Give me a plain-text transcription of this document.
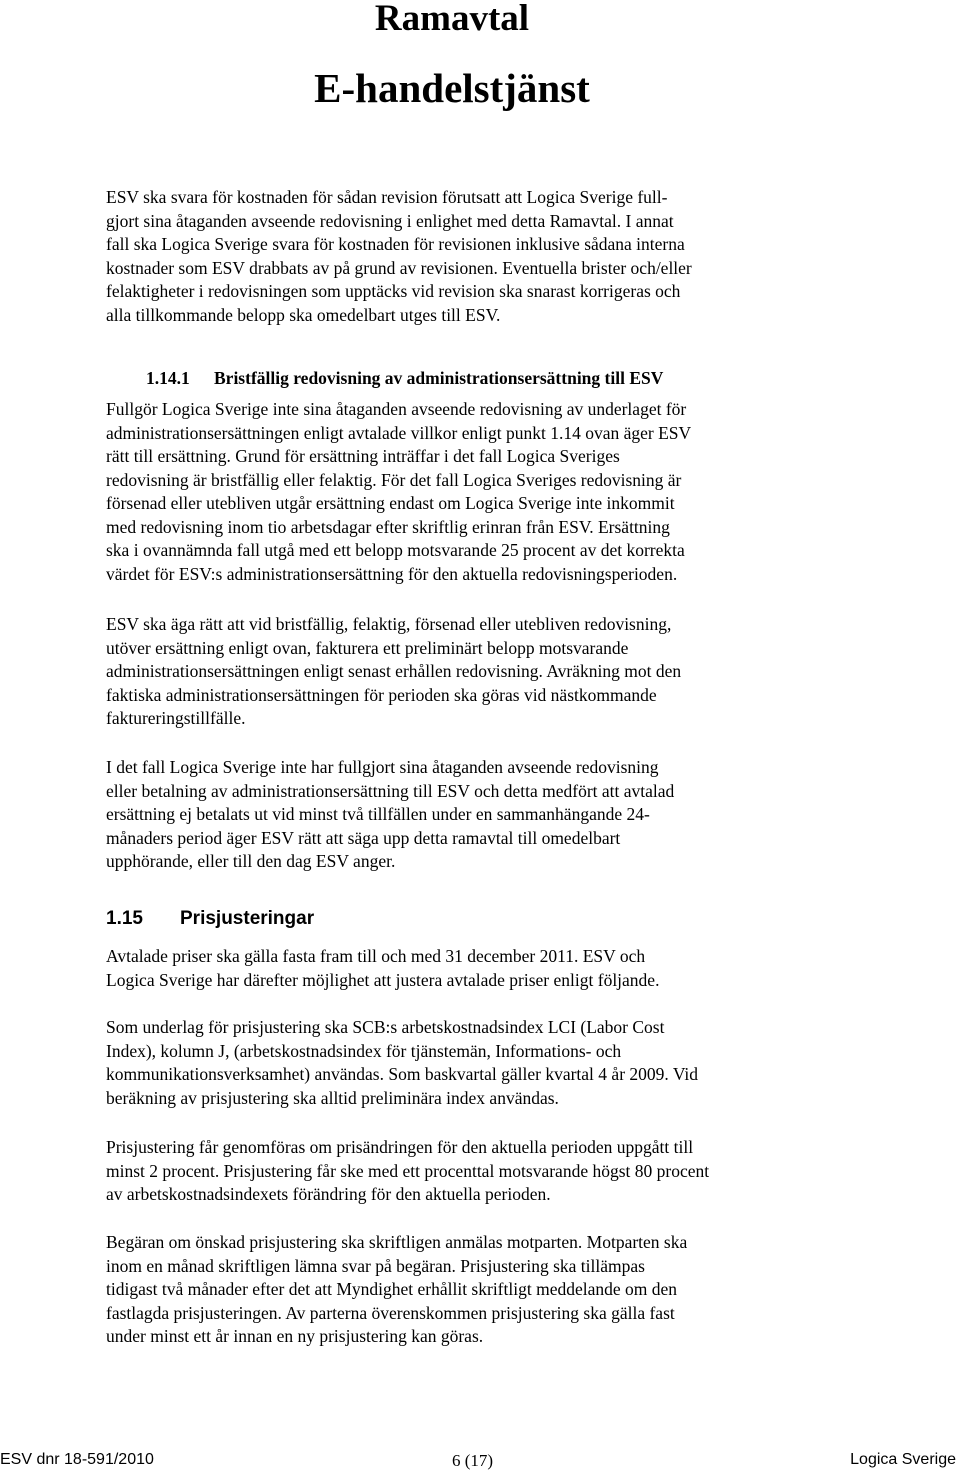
Ramavtal
E-handelstjänst

ESV ska svara för kostnaden för sådan revision förutsatt att Logica Sverige full-
gjort sina åtaganden avseende redovisning i enlighet med detta Ramavtal. I annat
fall ska Logica Sverige svara för kostnaden för revisionen inklusive sådana interna
kostnader som ESV drabbats av på grund av revisionen. Eventuella brister och/eller
felaktigheter i redovisningen som upptäcks vid revision ska snarast korrigeras och
alla tillkommande belopp ska omedelbart utges till ESV.

1.14.1 Bristfällig redovisning av administrationsersättning till ESV

Fullgör Logica Sverige inte sina åtaganden avseende redovisning av underlaget för
administrationsersättningen enligt avtalade villkor enligt punkt 1.14 ovan äger ESV
rätt till ersättning. Grund för ersättning inträffar i det fall Logica Sveriges
redovisning är bristfällig eller felaktig. För det fall Logica Sveriges redovisning är
försenad eller utebliven utgår ersättning endast om Logica Sverige inte inkommit
med redovisning inom tio arbetsdagar efter skriftlig erinran från ESV. Ersättning
ska i ovannämnda fall utgå med ett belopp motsvarande 25 procent av det korrekta
värdet för ESV:s administrationsersättning för den aktuella redovisningsperioden.

ESV ska äga rätt att vid bristfällig, felaktig, försenad eller utebliven redovisning,
utöver ersättning enligt ovan, fakturera ett preliminärt belopp motsvarande
administrationsersättningen enligt senast erhållen redovisning. Avräkning mot den
faktiska administrationsersättningen för perioden ska göras vid nästkommande
faktureringstillfälle.

I det fall Logica Sverige inte har fullgjort sina åtaganden avseende redovisning
eller betalning av administrationsersättning till ESV och detta medfört att avtalad
ersättning ej betalats ut vid minst två tillfällen under en sammanhängande 24-
månaders period äger ESV rätt att säga upp detta ramavtal till omedelbart
upphörande, eller till den dag ESV anger.

1.15 Prisjusteringar

Avtalade priser ska gälla fasta fram till och med 31 december 2011. ESV och
Logica Sverige har därefter möjlighet att justera avtalade priser enligt följande.

Som underlag för prisjustering ska SCB:s arbetskostnadsindex LCI (Labor Cost
Index), kolumn J, (arbetskostnadsindex för tjänstemän, Informations- och
kommunikationsverksamhet) användas. Som baskvartal gäller kvartal 4 år 2009. Vid
beräkning av prisjustering ska alltid preliminära index användas.

Prisjustering får genomföras om prisändringen för den aktuella perioden uppgått till
minst 2 procent. Prisjustering får ske med ett procenttal motsvarande högst 80 procent
av arbetskostnadsindexets förändring för den aktuella perioden.

Begäran om önskad prisjustering ska skriftligen anmälas motparten. Motparten ska
inom en månad skriftligen lämna svar på begäran. Prisjustering ska tillämpas
tidigast två månader efter det att Myndighet erhållit skriftligt meddelande om den
fastlagda prisjusteringen. Av parterna överenskommen prisjustering ska gälla fast
under minst ett år innan en ny prisjustering kan göras.

ESV dnr 18-591/2010	6 (17)	Logica Sverige
